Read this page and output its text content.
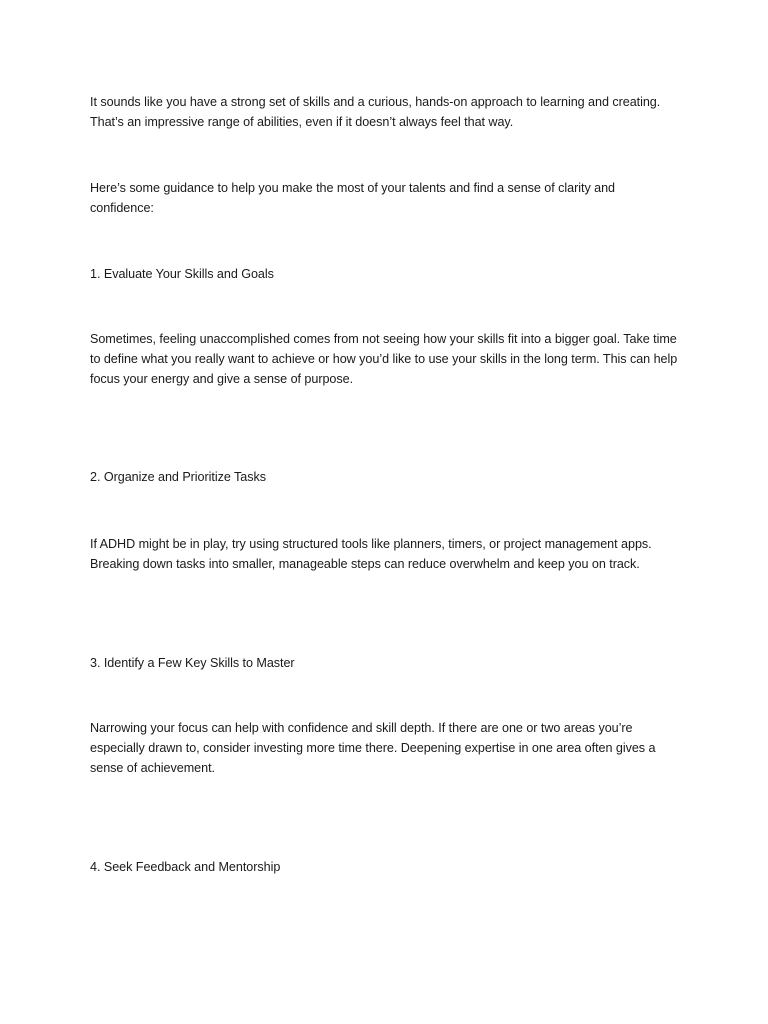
It sounds like you have a strong set of skills and a curious, hands-on approach to learning and creating. That’s an impressive range of abilities, even if it doesn’t always feel that way.

Here’s some guidance to help you make the most of your talents and find a sense of clarity and confidence:

1. Evaluate Your Skills and Goals

Sometimes, feeling unaccomplished comes from not seeing how your skills fit into a bigger goal. Take time to define what you really want to achieve or how you’d like to use your skills in the long term. This can help focus your energy and give a sense of purpose.

2. Organize and Prioritize Tasks

If ADHD might be in play, try using structured tools like planners, timers, or project management apps. Breaking down tasks into smaller, manageable steps can reduce overwhelm and keep you on track.

3. Identify a Few Key Skills to Master

Narrowing your focus can help with confidence and skill depth. If there are one or two areas you’re especially drawn to, consider investing more time there. Deepening expertise in one area often gives a sense of achievement.

4. Seek Feedback and Mentorship
